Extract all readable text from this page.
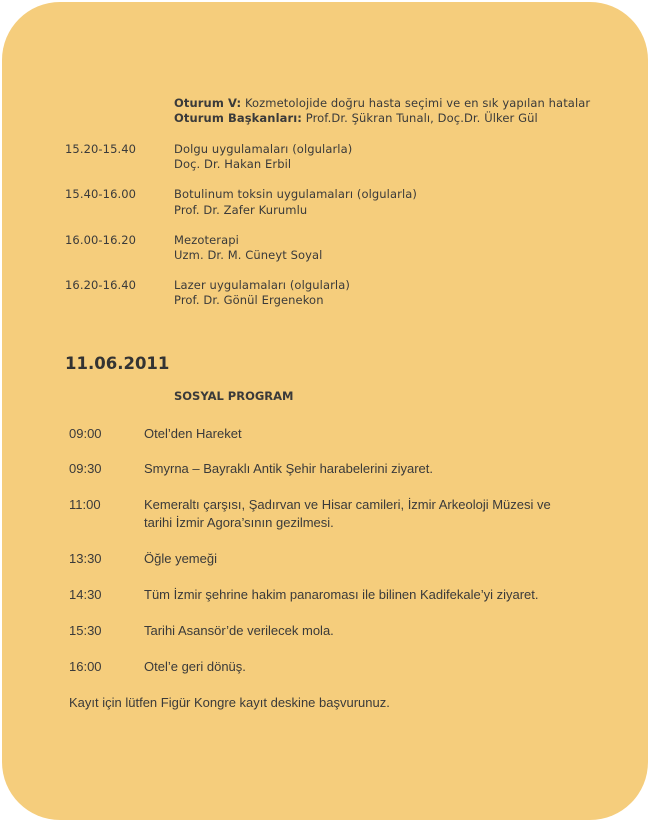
Oturum V: Kozmetolojide doğru hasta seçimi ve en sık yapılan hatalar
Oturum Başkanları: Prof.Dr. Şükran Tunalı, Doç.Dr. Ülker Gül
15.20-15.40	Dolgu uygulamaları (olgularla)
Doç. Dr. Hakan Erbil
15.40-16.00	Botulinum toksin uygulamaları (olgularla)
Prof. Dr. Zafer Kurumlu
16.00-16.20	Mezoterapi
Uzm. Dr. M. Cüneyt Soyal
16.20-16.40	Lazer uygulamaları (olgularla)
Prof. Dr. Gönül Ergenekon
11.06.2011
SOSYAL PROGRAM
09:00	Otel’den Hareket
09:30	Smyrna – Bayraklı Antik Şehir harabelerini ziyaret.
11:00	Kemeraltı çarşısı, Şadırvan ve Hisar camileri, İzmir Arkeoloji Müzesi ve
tarihi İzmir Agora’sının gezilmesi.
13:30	Öğle yemeği
14:30	Tüm İzmir şehrine hakim panaroması ile bilinen Kadifekale’yi ziyaret.
15:30	Tarihi Asansör’de verilecek mola.
16:00	Otel’e geri dönüş.
Kayıt için lütfen Figür Kongre kayıt deskine başvurunuz.
